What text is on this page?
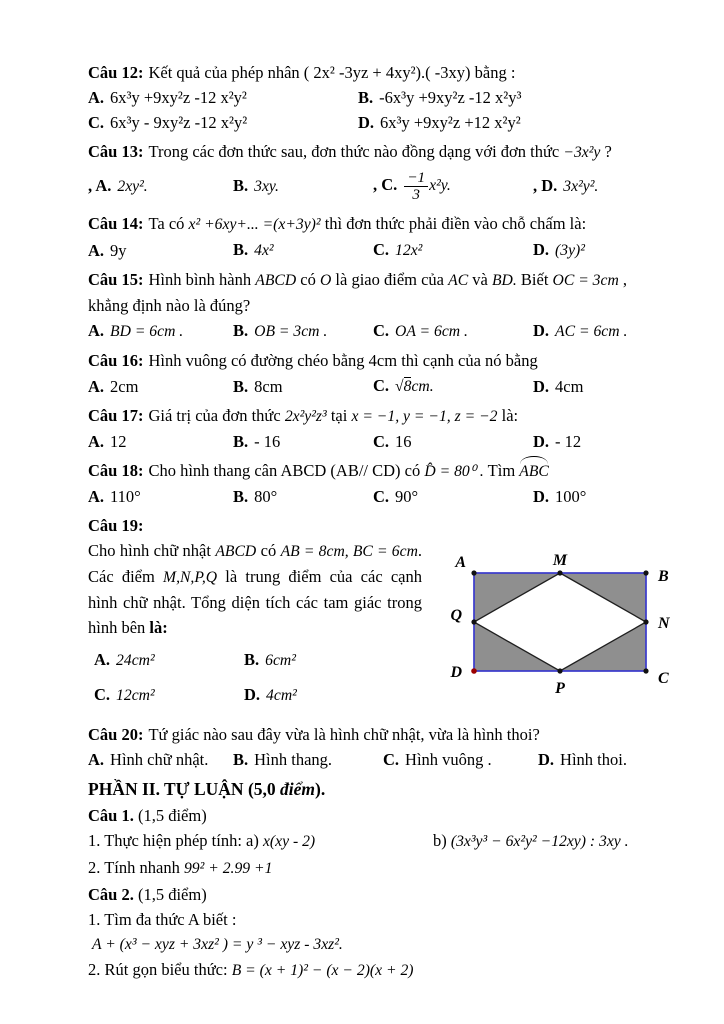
Câu 12: Kết quả của phép nhân ( 2x² -3yz + 4xy²).( -3xy) bằng :
A. 6x³y +9xy²z -12 x²y²	B. -6x³y +9xy²z -12 x²y³
C. 6x³y - 9xy²z -12 x²y²	D. 6x³y +9xy²z +12 x²y²
Câu 13: Trong các đơn thức sau, đơn thức nào đồng dạng với đơn thức −3x²y ?
, A. 2xy².	B. 3xy.	, C. $\frac{-1}{3} x^2y$.	, D. 3x²y².
Câu 14: Ta có x² +6xy+... =(x+3y)² thì đơn thức phải điền vào chỗ chấm là:
A. 9y	B. 4x²	C. 12x²	D. (3y)²
Câu 15: Hình bình hành ABCD có O là giao điểm của AC và BD. Biết OC = 3cm ,
khẳng định nào là đúng?
A. BD = 6cm .	B. OB = 3cm .	C. OA = 6cm .	D. AC = 6cm .
Câu 16: Hình vuông có đường chéo bằng 4cm thì cạnh của nó bằng
A. 2cm	B. 8cm	C. √8cm.	D. 4cm
Câu 17: Giá trị của đơn thức 2x²y²z³ tại x = −1, y = −1, z = −2 là:
A. 12	B. - 16	C. 16	D. - 12
Câu 18: Cho hình thang cân ABCD (AB// CD) có D̂ = 80⁰ . Tìm ABC
A. 110°	B. 80°	C. 90°	D. 100°
Câu 19:
Cho hình chữ nhật ABCD có AB = 8cm, BC = 6cm. Các điểm M,N,P,Q là trung điểm của các cạnh hình chữ nhật. Tổng diện tích các tam giác trong hình bên là:
A. 24cm²	B. 6cm²
C. 12cm²	D. 4cm²
A	M
B
Q	N
D
P
C
Câu 20: Tứ giác nào sau đây vừa là hình chữ nhật, vừa là hình thoi?
A. Hình chữ nhật.	B. Hình thang.	C. Hình vuông .	D. Hình thoi.
PHẦN II. TỰ LUẬN (5,0 điểm).
Câu 1. (1,5 điểm)
1. Thực hiện phép tính: a) x(xy - 2)	b) (3x³y³ − 6x²y² −12xy) : 3xy .
2. Tính nhanh 99² + 2.99 +1
Câu 2. (1,5 điểm)
1. Tìm đa thức A biết :
A + (x³ − xyz + 3xz² ) = y ³ − xyz - 3xz².
2. Rút gọn biểu thức: B = (x + 1)² − (x − 2)(x + 2)
